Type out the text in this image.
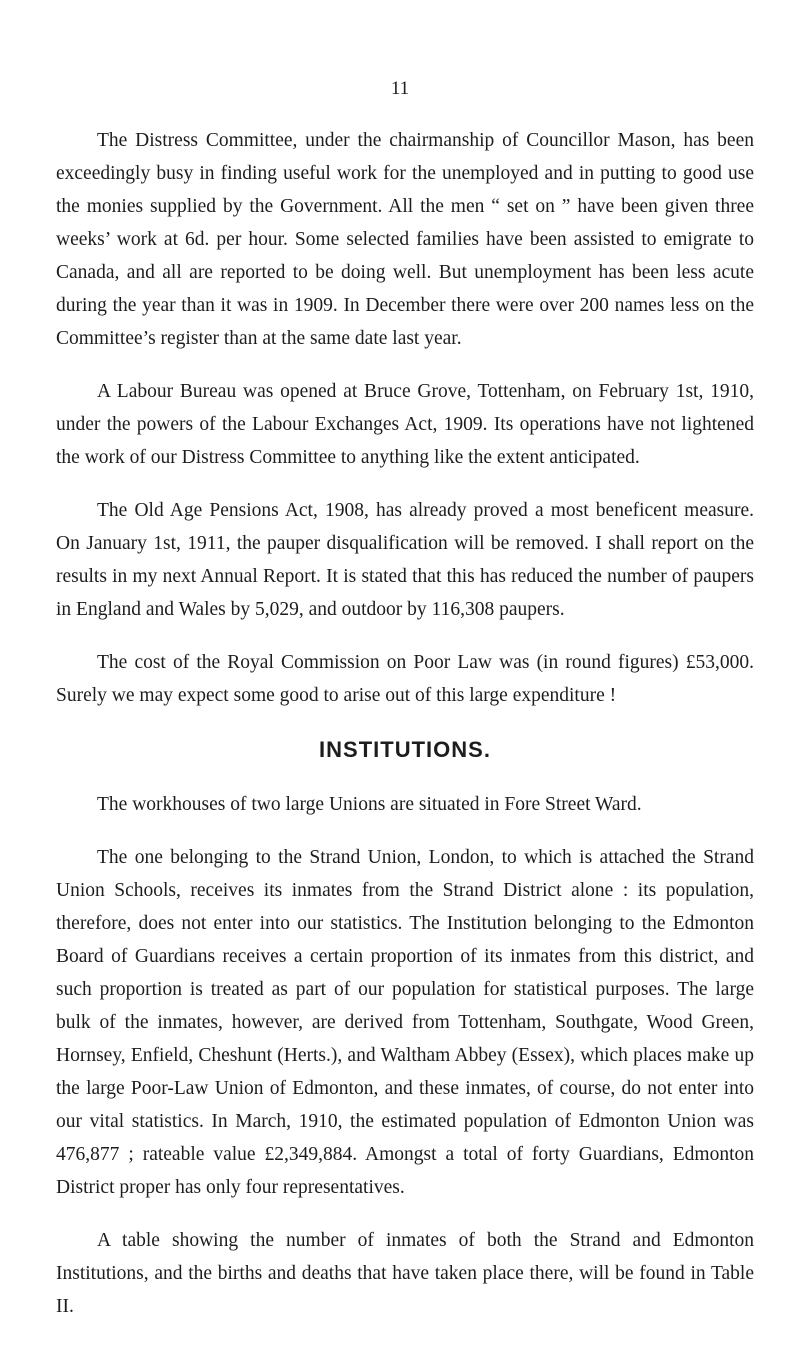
11

The Distress Committee, under the chairmanship of Councillor Mason, has been exceedingly busy in finding useful work for the unemployed and in putting to good use the monies supplied by the Government. All the men “ set on ” have been given three weeks’ work at 6d. per hour. Some selected families have been assisted to emigrate to Canada, and all are reported to be doing well. But unemployment has been less acute during the year than it was in 1909. In December there were over 200 names less on the Committee’s register than at the same date last year.

A Labour Bureau was opened at Bruce Grove, Tottenham, on February 1st, 1910, under the powers of the Labour Exchanges Act, 1909. Its operations have not lightened the work of our Distress Committee to anything like the extent anticipated.

The Old Age Pensions Act, 1908, has already proved a most beneficent measure. On January 1st, 1911, the pauper disqualification will be removed. I shall report on the results in my next Annual Report. It is stated that this has reduced the number of paupers in England and Wales by 5,029, and outdoor by 116,308 paupers.

The cost of the Royal Commission on Poor Law was (in round figures) £53,000. Surely we may expect some good to arise out of this large expenditure !

INSTITUTIONS.

The workhouses of two large Unions are situated in Fore Street Ward.

The one belonging to the Strand Union, London, to which is attached the Strand Union Schools, receives its inmates from the Strand District alone : its population, therefore, does not enter into our statistics. The Institution belonging to the Edmonton Board of Guardians receives a certain proportion of its inmates from this district, and such proportion is treated as part of our population for statistical purposes. The large bulk of the inmates, however, are derived from Tottenham, Southgate, Wood Green, Hornsey, Enfield, Cheshunt (Herts.), and Waltham Abbey (Essex), which places make up the large Poor-Law Union of Edmonton, and these inmates, of course, do not enter into our vital statistics. In March, 1910, the estimated population of Edmonton Union was 476,877 ; rateable value £2,349,884. Amongst a total of forty Guardians, Edmonton District proper has only four representatives.

A table showing the number of inmates of both the Strand and Edmonton Institutions, and the births and deaths that have taken place there, will be found in Table II.
